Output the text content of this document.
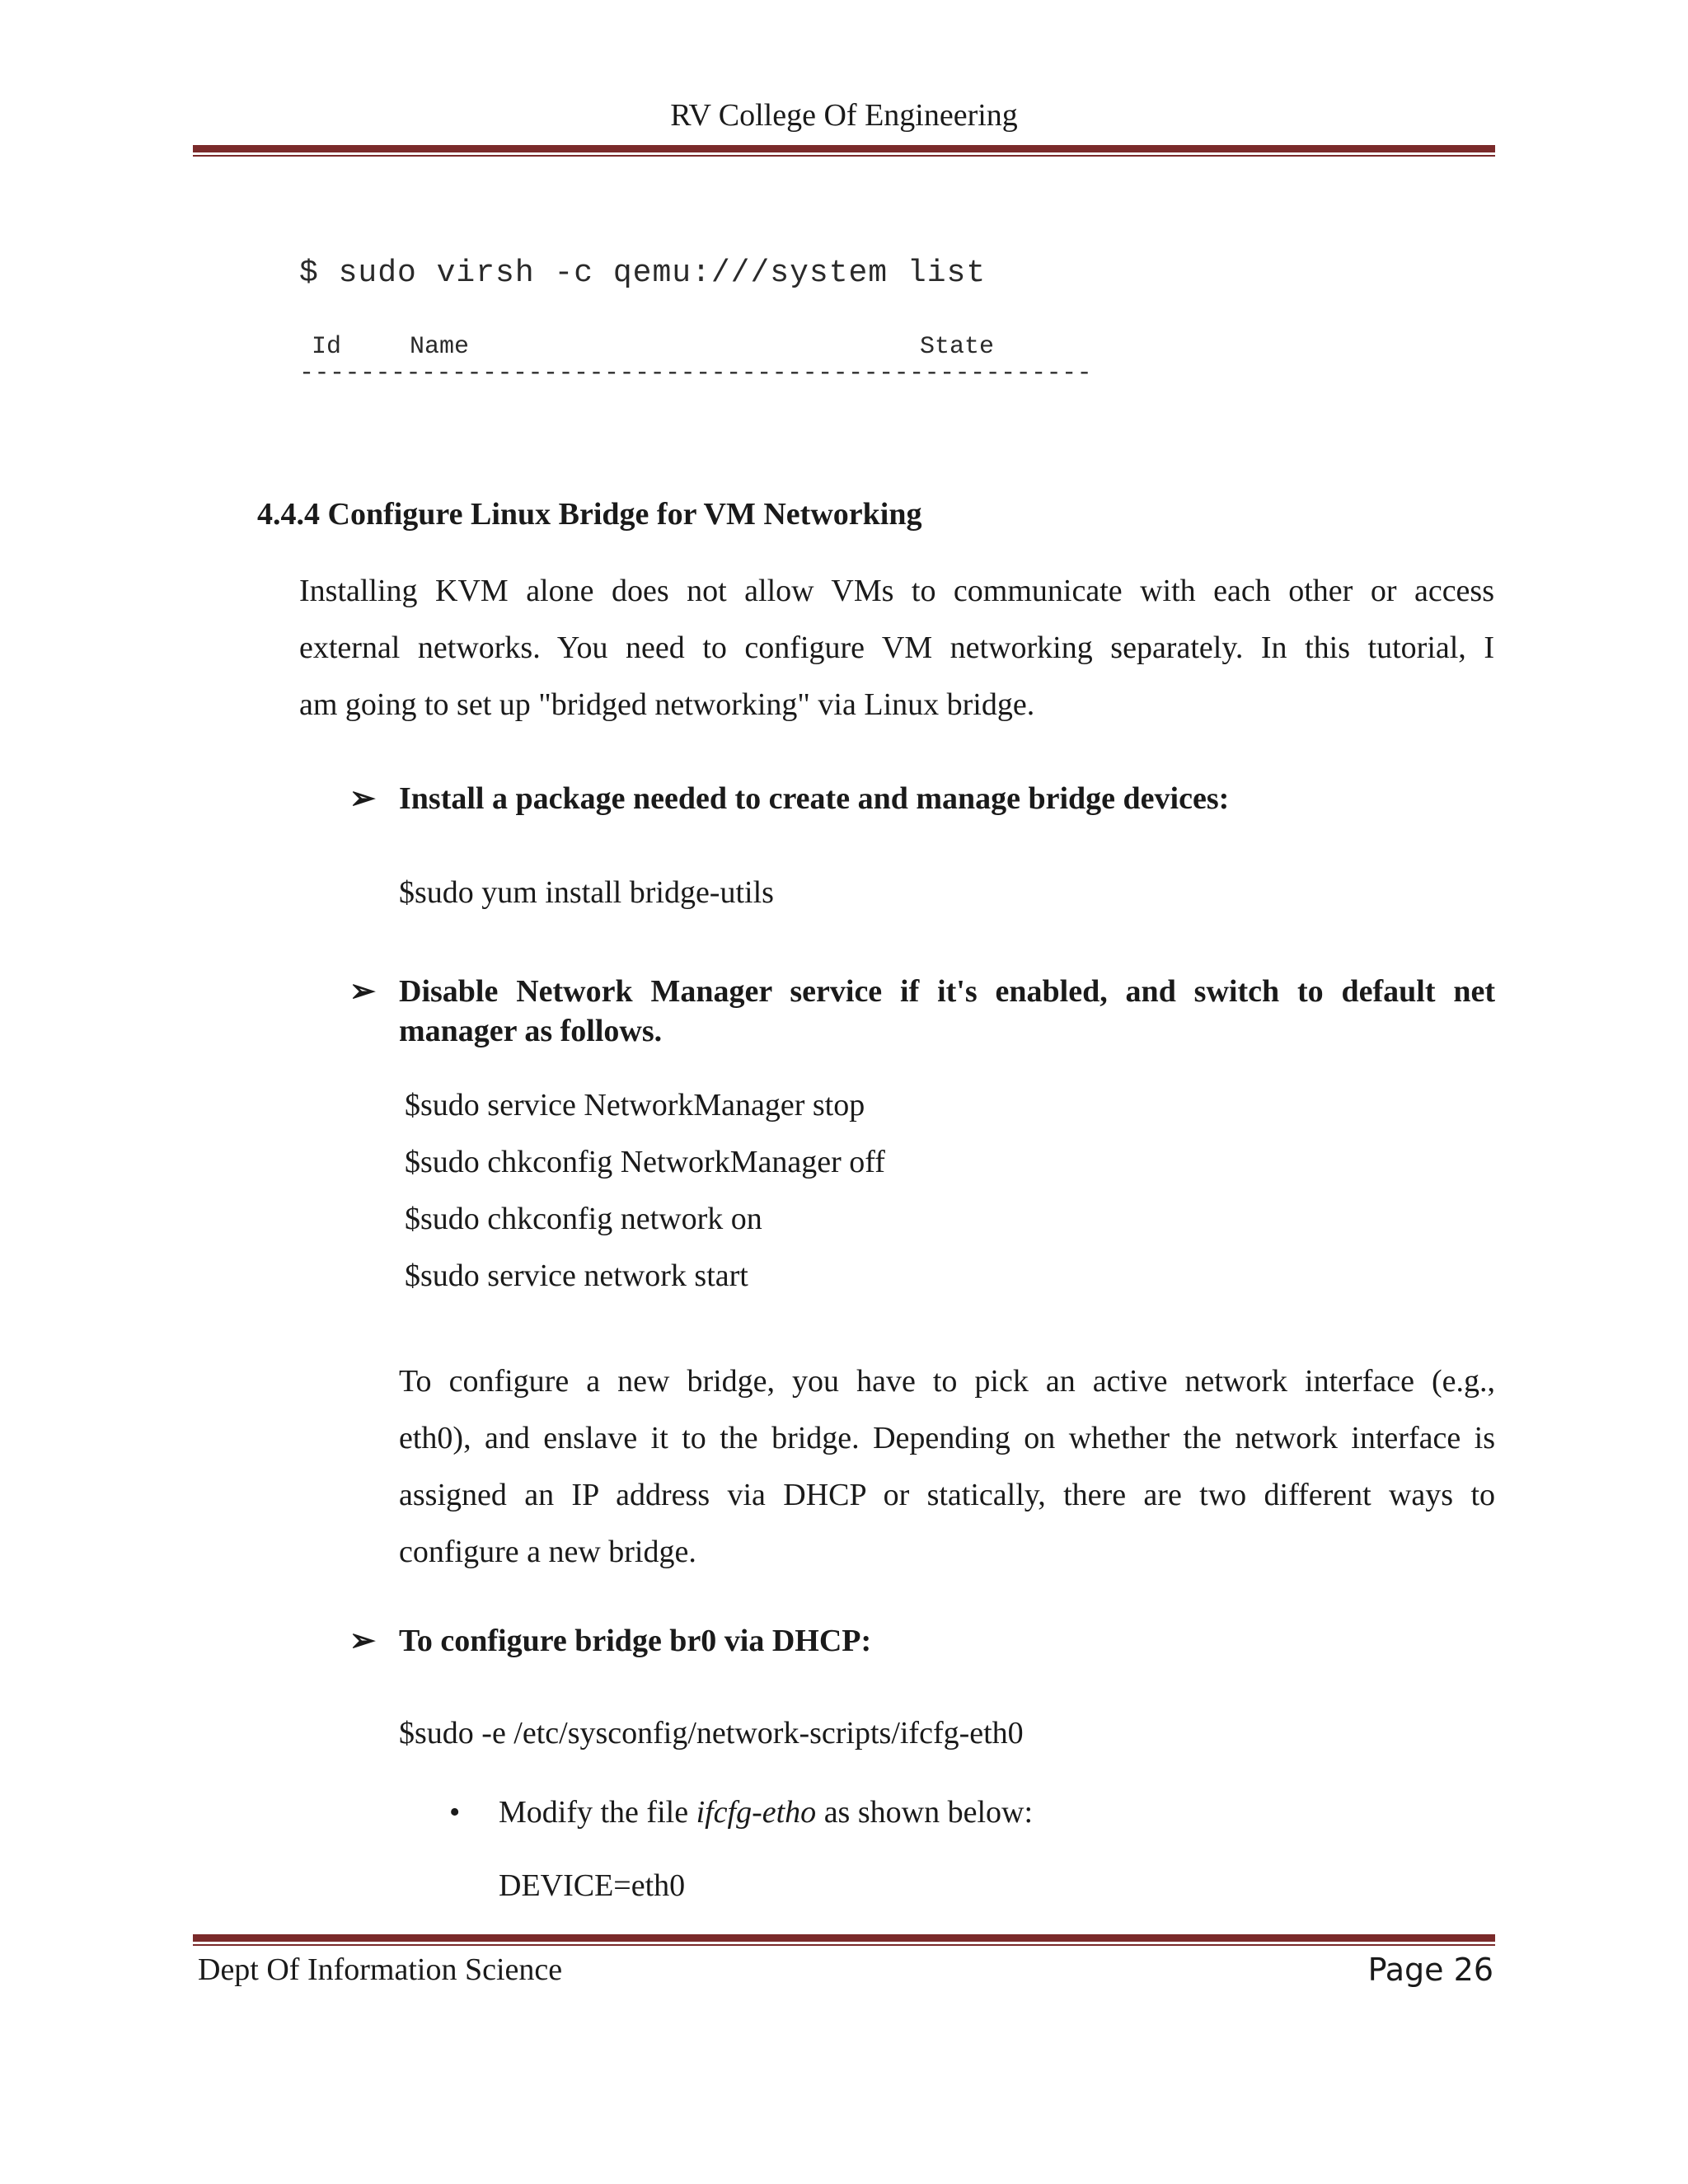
RV College Of Engineering
$ sudo virsh -c qemu:///system list
Id	Name	State
----------------------------------------------------
4.4.4 Configure Linux Bridge for VM Networking
Installing KVM alone does not allow VMs to communicate with each other or access
external networks. You need to configure VM networking separately. In this tutorial, I
am going to set up "bridged networking" via Linux bridge.
➢ Install a package needed to create and manage bridge devices:
$sudo yum install bridge-utils
➢ Disable Network Manager service if it's enabled, and switch to default net
manager as follows.
$sudo service NetworkManager stop
$sudo chkconfig NetworkManager off
$sudo chkconfig network on
$sudo service network start
To configure a new bridge, you have to pick an active network interface (e.g.,
eth0), and enslave it to the bridge. Depending on whether the network interface is
assigned an IP address via DHCP or statically, there are two different ways to
configure a new bridge.
➢ To configure bridge br0 via DHCP:
$sudo -e /etc/sysconfig/network-scripts/ifcfg-eth0
• Modify the file ifcfg-etho as shown below:
DEVICE=eth0
Dept Of Information Science	Page 26
